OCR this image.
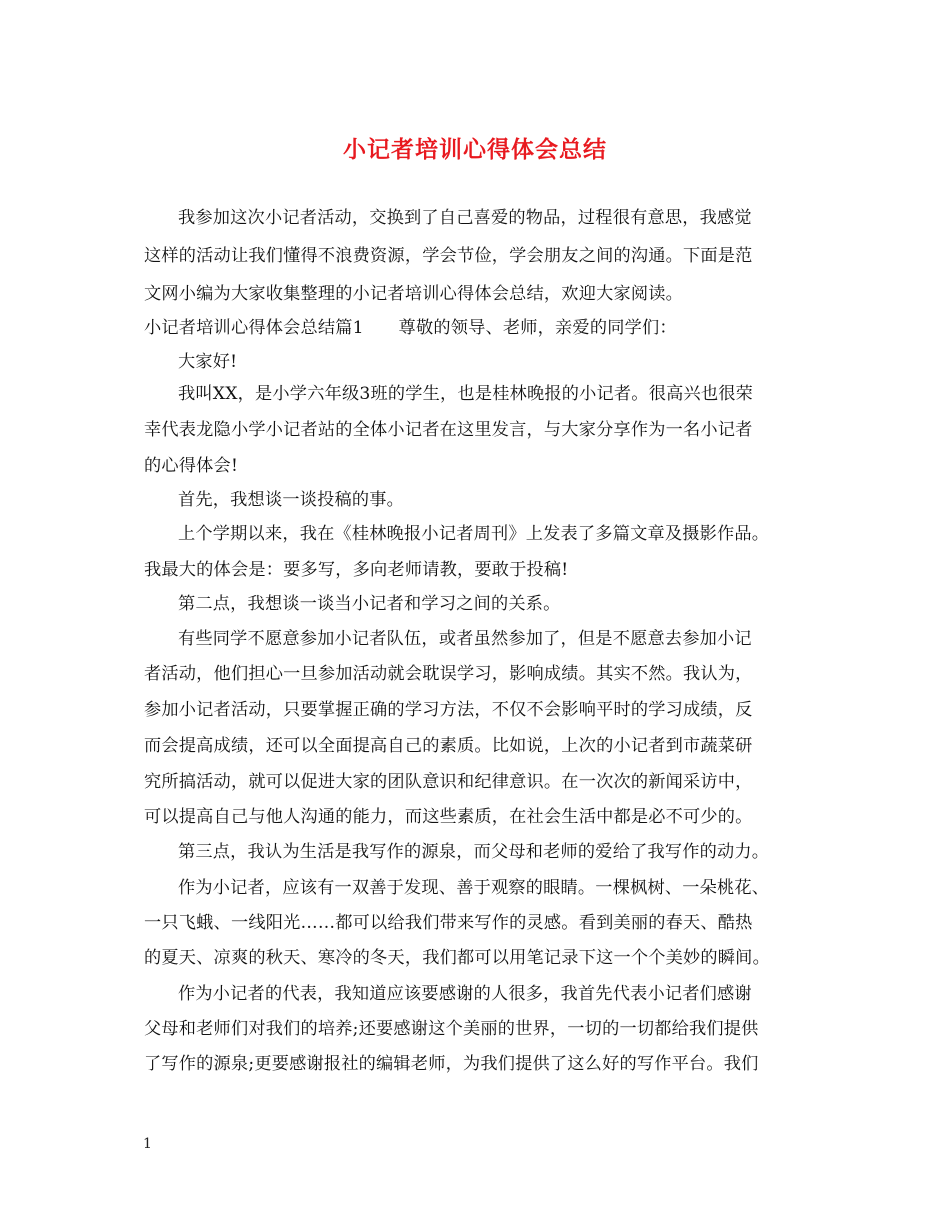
小记者培训心得体会总结
我参加这次小记者活动，交换到了自己喜爱的物品，过程很有意思，我感觉
这样的活动让我们懂得不浪费资源，学会节俭，学会朋友之间的沟通。下面是范
文网小编为大家收集整理的小记者培训心得体会总结，欢迎大家阅读。
小记者培训心得体会总结篇1　　尊敬的领导、老师，亲爱的同学们：
大家好!
我叫XX，是小学六年级3班的学生，也是桂林晚报的小记者。很高兴也很荣
幸代表龙隐小学小记者站的全体小记者在这里发言，与大家分享作为一名小记者
的心得体会!
首先，我想谈一谈投稿的事。
上个学期以来，我在《桂林晚报小记者周刊》上发表了多篇文章及摄影作品。
我最大的体会是：要多写，多向老师请教，要敢于投稿!
第二点，我想谈一谈当小记者和学习之间的关系。
有些同学不愿意参加小记者队伍，或者虽然参加了，但是不愿意去参加小记
者活动，他们担心一旦参加活动就会耽误学习，影响成绩。其实不然。我认为，
参加小记者活动，只要掌握正确的学习方法，不仅不会影响平时的学习成绩，反
而会提高成绩，还可以全面提高自己的素质。比如说，上次的小记者到市蔬菜研
究所搞活动，就可以促进大家的团队意识和纪律意识。在一次次的新闻采访中，
可以提高自己与他人沟通的能力，而这些素质，在社会生活中都是必不可少的。
第三点，我认为生活是我写作的源泉，而父母和老师的爱给了我写作的动力。
作为小记者，应该有一双善于发现、善于观察的眼睛。一棵枫树、一朵桃花、
一只飞蛾、一线阳光……都可以给我们带来写作的灵感。看到美丽的春天、酷热
的夏天、凉爽的秋天、寒冷的冬天，我们都可以用笔记录下这一个个美妙的瞬间。
作为小记者的代表，我知道应该要感谢的人很多，我首先代表小记者们感谢
父母和老师们对我们的培养;还要感谢这个美丽的世界，一切的一切都给我们提供
了写作的源泉;更要感谢报社的编辑老师，为我们提供了这么好的写作平台。我们
1
